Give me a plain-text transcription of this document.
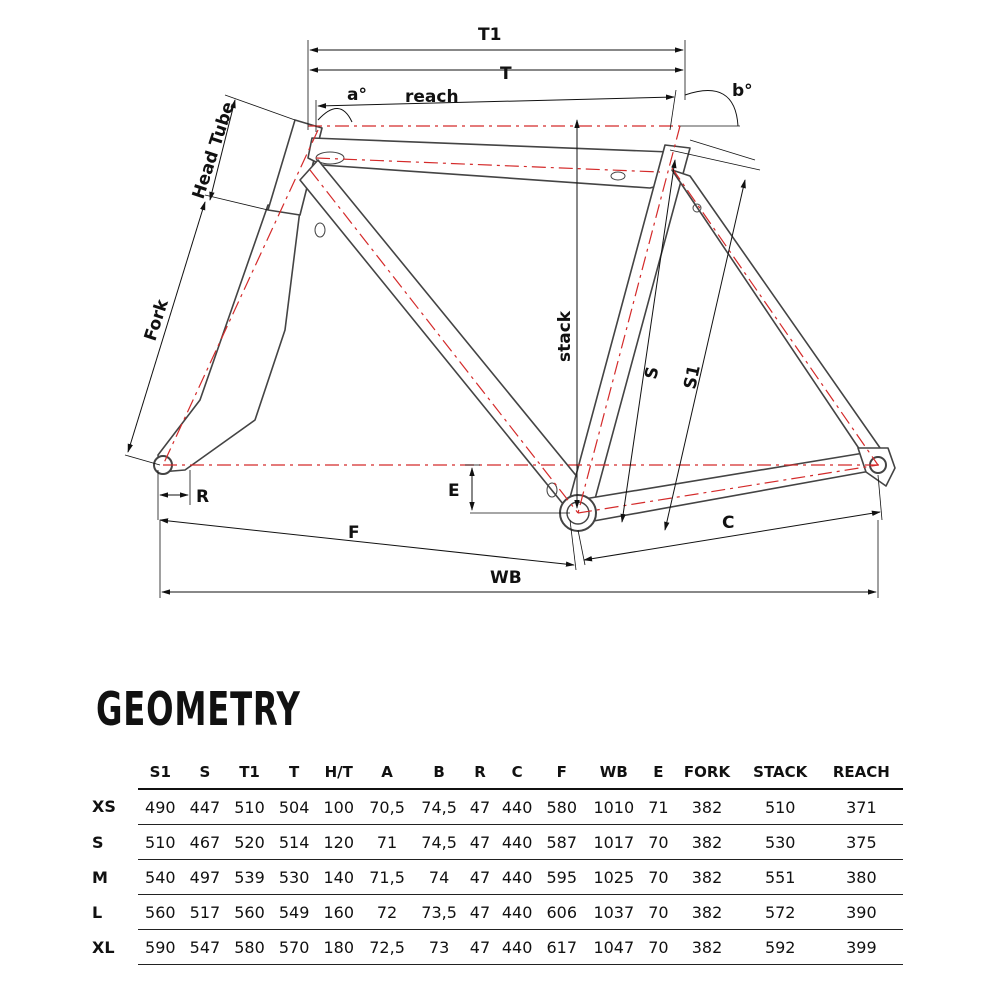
T1
T
reach
a°	b°
Head Tube
Fork	stack
S S1
E
R
F	C
WB
GEOMETRY
	S1	S	T1	T	H/T	A	B	R	C	F	WB	E	FORK	STACK	REACH
XS	490	447	510	504	100	70,5	74,5	47	440	580	1010	71	382	510	371
S	510	467	520	514	120	71	74,5	47	440	587	1017	70	382	530	375
M	540	497	539	530	140	71,5	74	47	440	595	1025	70	382	551	380
L	560	517	560	549	160	72	73,5	47	440	606	1037	70	382	572	390
XL	590	547	580	570	180	72,5	73	47	440	617	1047	70	382	592	399
